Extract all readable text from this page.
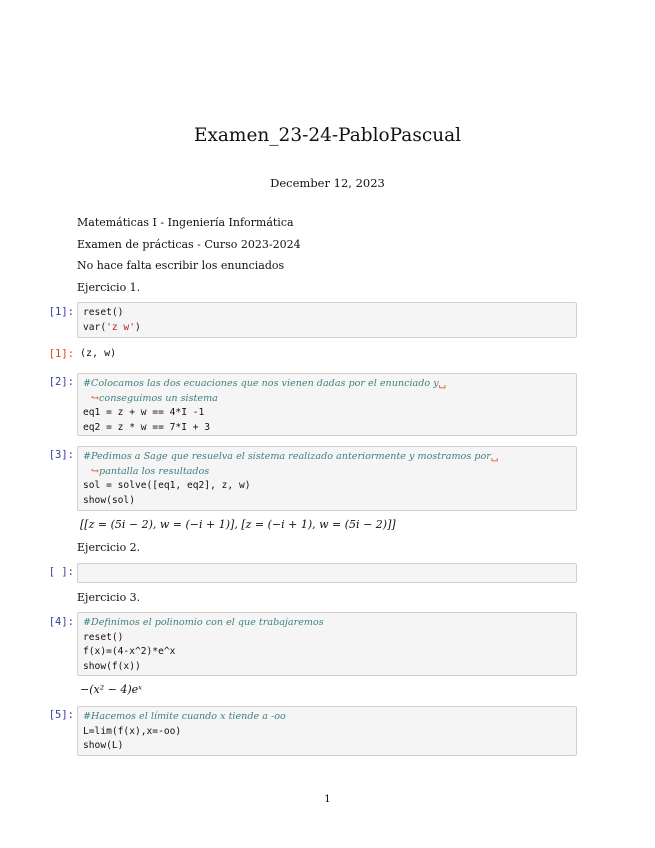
Examen_23-24-PabloPascual
December 12, 2023
Matemáticas I - Ingeniería Informática
Examen de prácticas - Curso 2023-2024
No hace falta escribir los enunciados
Ejercicio 1.
[1]: reset()
var('z w')
[1]: (z, w)
[2]: #Colocamos las dos ecuaciones que nos vienen dadas por el enunciado y␣
↪conseguimos un sistema
eq1 = z + w == 4*I -1
eq2 = z * w == 7*I + 3
[3]: #Pedimos a Sage que resuelva el sistema realizado anteriormente y mostramos por␣
↪pantalla los resultados
sol = solve([eq1, eq2], z, w)
show(sol)
[[z = (5i − 2), w = (−i + 1)], [z = (−i + 1), w = (5i − 2)]]
Ejercicio 2.
[ ]:
Ejercicio 3.
[4]: #Definimos el polinomio con el que trabajaremos
reset()
f(x)=(4-x^2)*e^x
show(f(x))
−(x² − 4)eˣ
[5]: #Hacemos el límite cuando x tiende a -oo
L=lim(f(x),x=-oo)
show(L)
1
